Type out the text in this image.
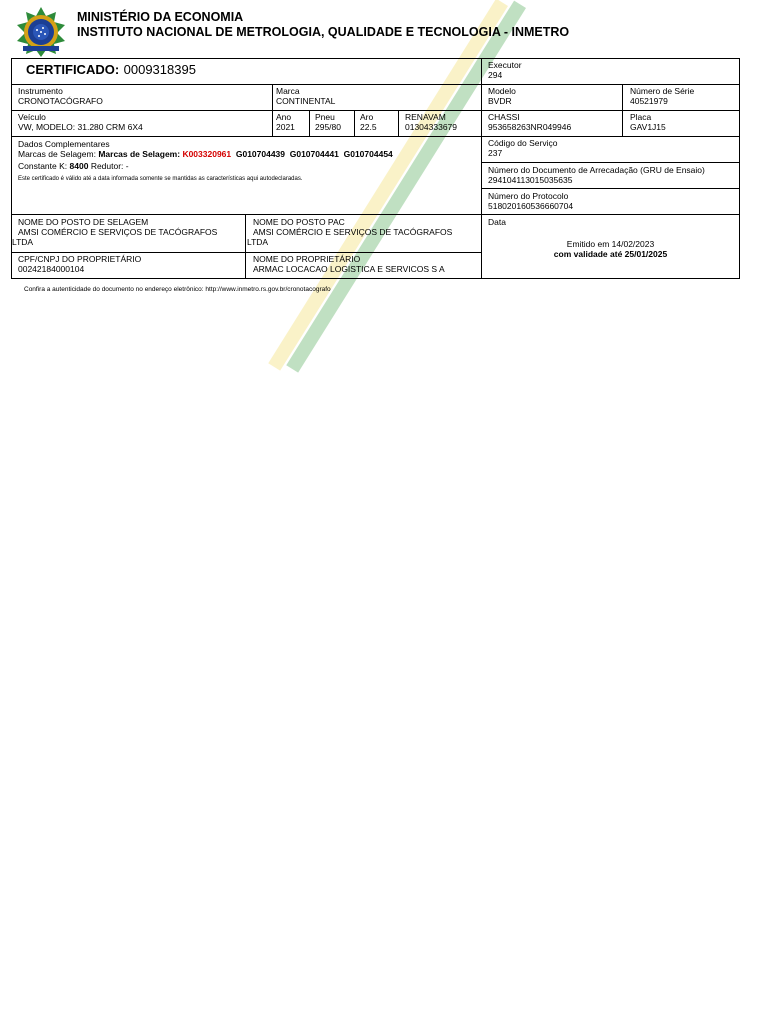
MINISTÉRIO DA ECONOMIA
INSTITUTO NACIONAL DE METROLOGIA, QUALIDADE E TECNOLOGIA - INMETRO
CERTIFICADO: 0009318395	Executor
294
Instrumento
CRONOTACÓGRAFO
Marca
CONTINENTAL
Modelo
BVDR
Número de Série
40521979
Veículo
VW, MODELO: 31.280 CRM 6X4
Ano
2021
Pneu
295/80
Aro
22.5
RENAVAM
01304333679
CHASSI
953658263NR049946
Placa
GAV1J15
Dados Complementares
Marcas de Selagem: Marcas de Selagem: K003320961 G010704439  G010704441  G010704454
Constante K: 8400 Redutor: -
Este certificado é válido até a data informada somente se mantidas as características aqui autodeclaradas.
Código do Serviço
237
Número do Documento de Arrecadação (GRU de Ensaio)
294104113015035635
Número do Protocolo
518020160536660704
NOME DO POSTO DE SELAGEM
AMSI COMÉRCIO E SERVIÇOS DE TACÓGRAFOS
LTDA
NOME DO POSTO PAC
AMSI COMÉRCIO E SERVIÇOS DE TACÓGRAFOS
LTDA
CPF/CNPJ DO PROPRIETÁRIO
00242184000104
NOME DO PROPRIETÁRIO
ARMAC LOCACAO LOGISTICA E SERVICOS S A
Data
Emitido em 14/02/2023
com validade até 25/01/2025
Confira a autenticidade do documento no endereço eletrônico: http://www.inmetro.rs.gov.br/cronotacografo
